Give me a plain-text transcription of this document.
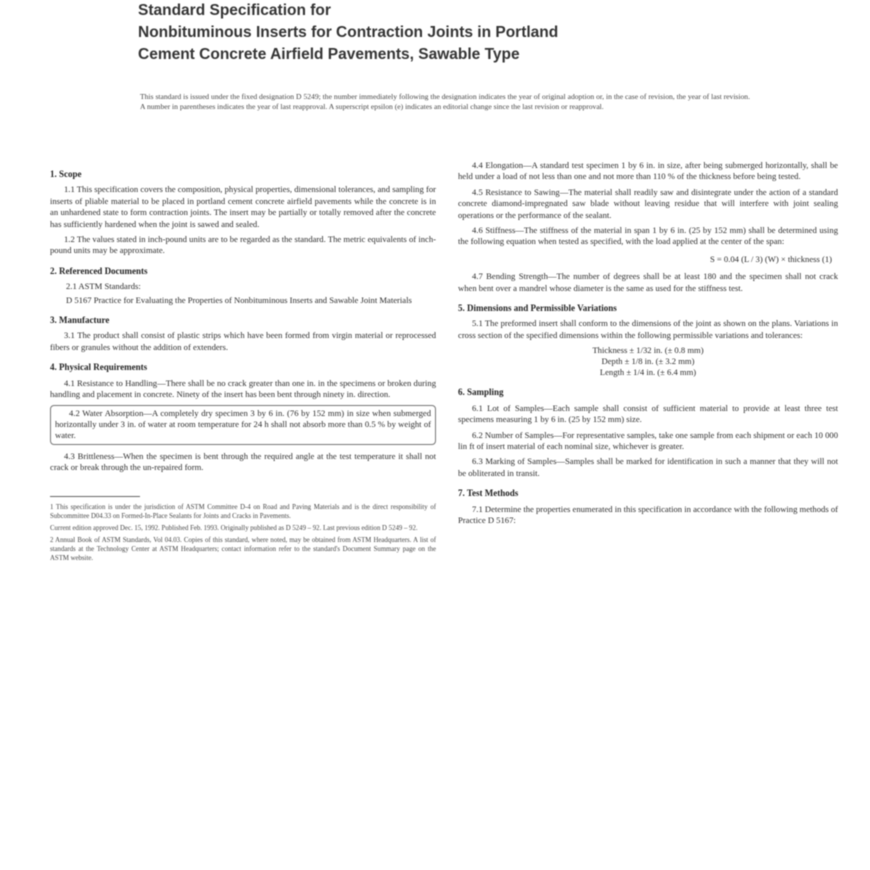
Standard Specification for
Nonbituminous Inserts for Contraction Joints in Portland
Cement Concrete Airfield Pavements, Sawable Type
This standard is issued under the fixed designation D 5249; the number immediately following the designation indicates the year of original adoption or, in the case of revision, the year of last revision. A number in parentheses indicates the year of last reapproval. A superscript epsilon (e) indicates an editorial change since the last revision or reapproval.
1. Scope

1.1 This specification covers the composition, physical properties, dimensional tolerances, and sampling for inserts of pliable material to be placed in portland cement concrete airfield pavements while the concrete is in an unhardened state to form contraction joints. The insert may be partially or totally removed after the concrete has sufficiently hardened when the joint is sawed and sealed.

1.2 The values stated in inch-pound units are to be regarded as the standard. The metric equivalents of inch-pound units may be approximate.

2. Referenced Documents

2.1 ASTM Standards:

D 5167 Practice for Evaluating the Properties of Nonbituminous Inserts and Sawable Joint Materials

3. Manufacture

3.1 The product shall consist of plastic strips which have been formed from virgin material or reprocessed fibers or granules without the addition of extenders.

4. Physical Requirements

4.1 Resistance to Handling—There shall be no crack greater than one in. in the specimens or broken during handling and placement in concrete. Ninety of the insert has been bent through ninety in. direction.

4.2 Water Absorption—A completely dry specimen 3 by 6 in. (76 by 152 mm) in size when submerged horizontally under 3 in. of water at room temperature for 24 h shall not absorb more than 0.5 % by weight of water.

4.3 Brittleness—When the specimen is bent through the required angle at the test temperature it shall not crack or break through the un-repaired form.

1 This specification is under the jurisdiction of ASTM Committee D-4 on Road and Paving Materials and is the direct responsibility of Subcommittee D04.33 on Formed-In-Place Sealants for Joints and Cracks in Pavements.

Current edition approved Dec. 15, 1992. Published Feb. 1993. Originally published as D 5249 – 92. Last previous edition D 5249 – 92.

2 Annual Book of ASTM Standards, Vol 04.03. Copies of this standard, where noted, may be obtained from ASTM Headquarters. A list of standards at the Technology Center at ASTM Headquarters; contact information refer to the standard's Document Summary page on the ASTM website.

4.4 Elongation—A standard test specimen 1 by 6 in. in size, after being submerged horizontally, shall be held under a load of not less than one and not more than 110 % of the thickness before being tested.

4.5 Resistance to Sawing—The material shall readily saw and disintegrate under the action of a standard concrete diamond-impregnated saw blade without leaving residue that will interfere with joint sealing operations or the performance of the sealant.

4.6 Stiffness—The stiffness of the material in span 1 by 6 in. (25 by 152 mm) shall be determined using the following equation when tested as specified, with the load applied at the center of the span:

S = 0.04 (L / 3) (W) × thickness (1)

4.7 Bending Strength—The number of degrees shall be at least 180 and the specimen shall not crack when bent over a mandrel whose diameter is the same as used for the stiffness test.

5. Dimensions and Permissible Variations

5.1 The preformed insert shall conform to the dimensions of the joint as shown on the plans. Variations in cross section of the specified dimensions within the following permissible variations and tolerances:

Thickness ± 1/32 in. (± 0.8 mm)
Depth ± 1/8 in. (± 3.2 mm)
Length ± 1/4 in. (± 6.4 mm)
6. Sampling

6.1 Lot of Samples—Each sample shall consist of sufficient material to provide at least three test specimens measuring 1 by 6 in. (25 by 152 mm) size.

6.2 Number of Samples—For representative samples, take one sample from each shipment or each 10 000 lin ft of insert material of each nominal size, whichever is greater.

6.3 Marking of Samples—Samples shall be marked for identification in such a manner that they will not be obliterated in transit.

7. Test Methods

7.1 Determine the properties enumerated in this specification in accordance with the following methods of Practice D 5167:
